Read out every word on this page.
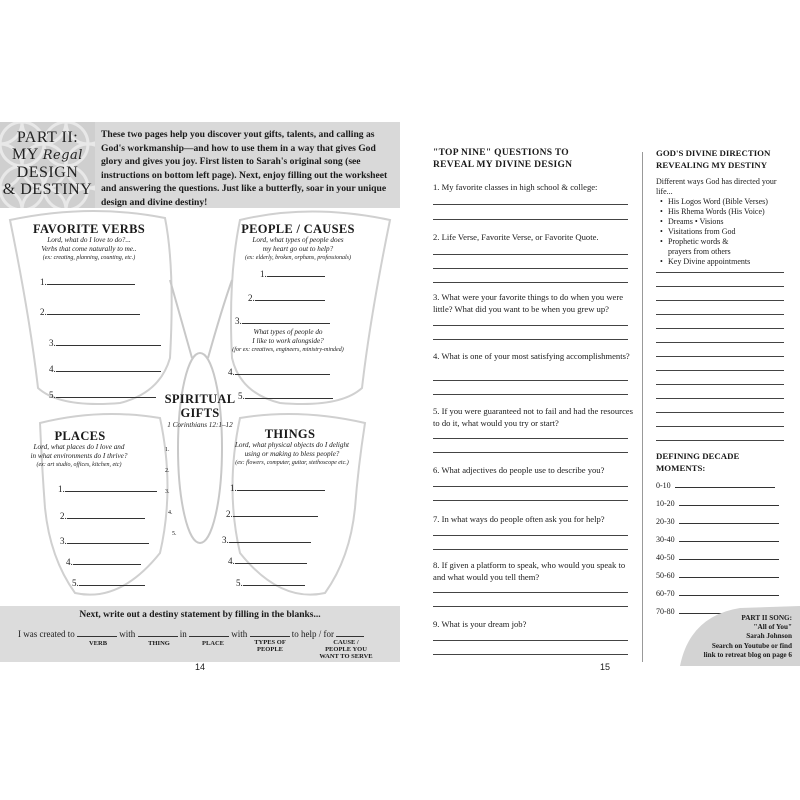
PART II:
MY Regal
DESIGN
& DESTINY
These two pages help you discover yout gifts, talents, and calling as God's workmanship—and how to use them in a way that gives God glory and gives you joy. First listen to Sarah's original song (see instructions on bottom left page). Next, enjoy filling out the worksheet and answering the questions. Just like a butterfly, soar in your unique design and divine destiny!
FAVORITE VERBS
Lord, what do I love to do?...
Verbs that come naturally to me..
(ex: creating, planning, counting, etc.)
1.
2.
3.
4.
5.
PEOPLE / CAUSES
Lord, what types of people does
my heart go out to help?
(ex: elderly, broken, orphans, professionals)
1.
2.
3.
What types of people do
I like to work alongside?
(for ex: creatives, engineers, ministry-minded)
4.
5.
SPIRITUAL
GIFTS
1 Corinthians 12:1–12
1.
2.
3.
4.
5.
PLACES
Lord, what places do I love and
in what environments do I thrive?
(ex: art studio, offices, kitchen, etc)
1.
2.
3.
4.
5.
THINGS
Lord, what physical objects do I delight
using or making to bless people?
(ex: flowers, computer, guitar, stethoscope etc.)
1.
2.
3.
4.
5.
Next, write out a destiny statement by filling in the blanks...
I was created to	with	in	with	to help / for
VERB	THING	PLACE	TYPES OF
PEOPLE
CAUSE /
PEOPLE YOU
WANT TO SERVE
14
"TOP NINE" QUESTIONS TO
REVEAL MY DIVINE DESIGN
1. My favorite classes in high school & college:
2. Life Verse, Favorite Verse, or Favorite Quote.
3. What were your favorite things to do when you were little? What did you want to be when you grew up?
4. What is one of your most satisfying accomplishments?
5. If you were guaranteed not to fail and had the resources to do it, what would you try or start?
6. What adjectives do people use to describe you?
7. In what ways do people often ask you for help?
8. If given a platform to speak, who would you speak to and what would you tell them?
9. What is your dream job?
GOD'S DIVINE DIRECTION
REVEALING MY DESTINY
Different ways God has directed your life...
• His Logos Word (Bible Verses)
• His Rhema Words (His Voice)
• Dreams • Visions
• Visitations from God
• Prophetic words &
prayers from others
• Key Divine appointments
DEFINING DECADE
MOMENTS:
0-10
10-20
20-30
30-40
40-50
50-60
60-70
70-80
PART II SONG:
"All of You"
Sarah Johnson
Search on Youtube or find
link to retreat blog on page 6
15
